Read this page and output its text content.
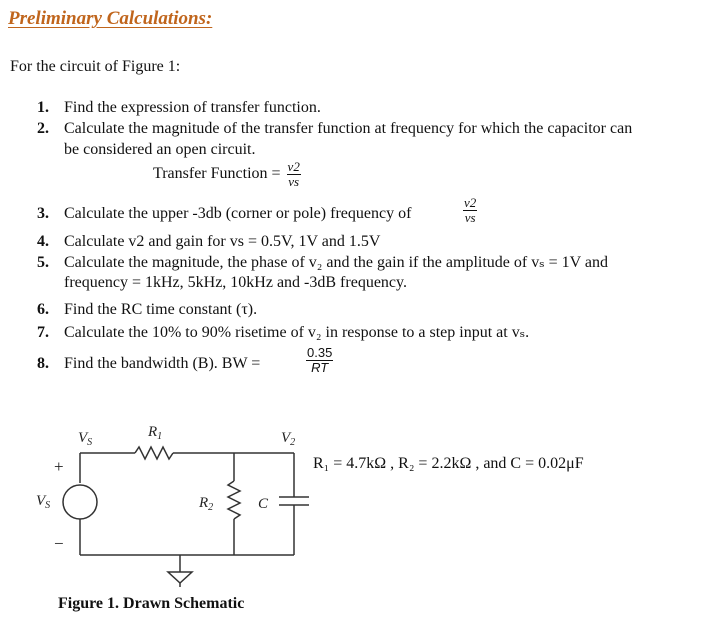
Preliminary Calculations:
For the circuit of Figure 1:
1. Find the expression of transfer function.
2. Calculate the magnitude of the transfer function at frequency for which the capacitor can
be considered an open circuit.
Transfer Function = $\frac{v2}{vs}$
3. Calculate the upper -3db (corner or pole) frequency of	$\frac{v2}{vs}$
4. Calculate v2 and gain for vs = 0.5V, 1V and 1.5V
5. Calculate the magnitude, the phase of v₂ and the gain if the amplitude of vₛ = 1V and
frequency = 1kHz, 5kHz, 10kHz and -3dB frequency.
6. Find the RC time constant (τ).
7. Calculate the 10% to 90% risetime of v₂ in response to a step input at vₛ.
8. Find the bandwidth (B). BW =	$\frac{0.35}{RT}$
$V_S$
$R_1$	$V_2$
+
$V_S$
−
$R_2$	C
R₁ = 4.7kΩ , R₂ = 2.2kΩ , and C = 0.02μF
Figure 1. Drawn Schematic
